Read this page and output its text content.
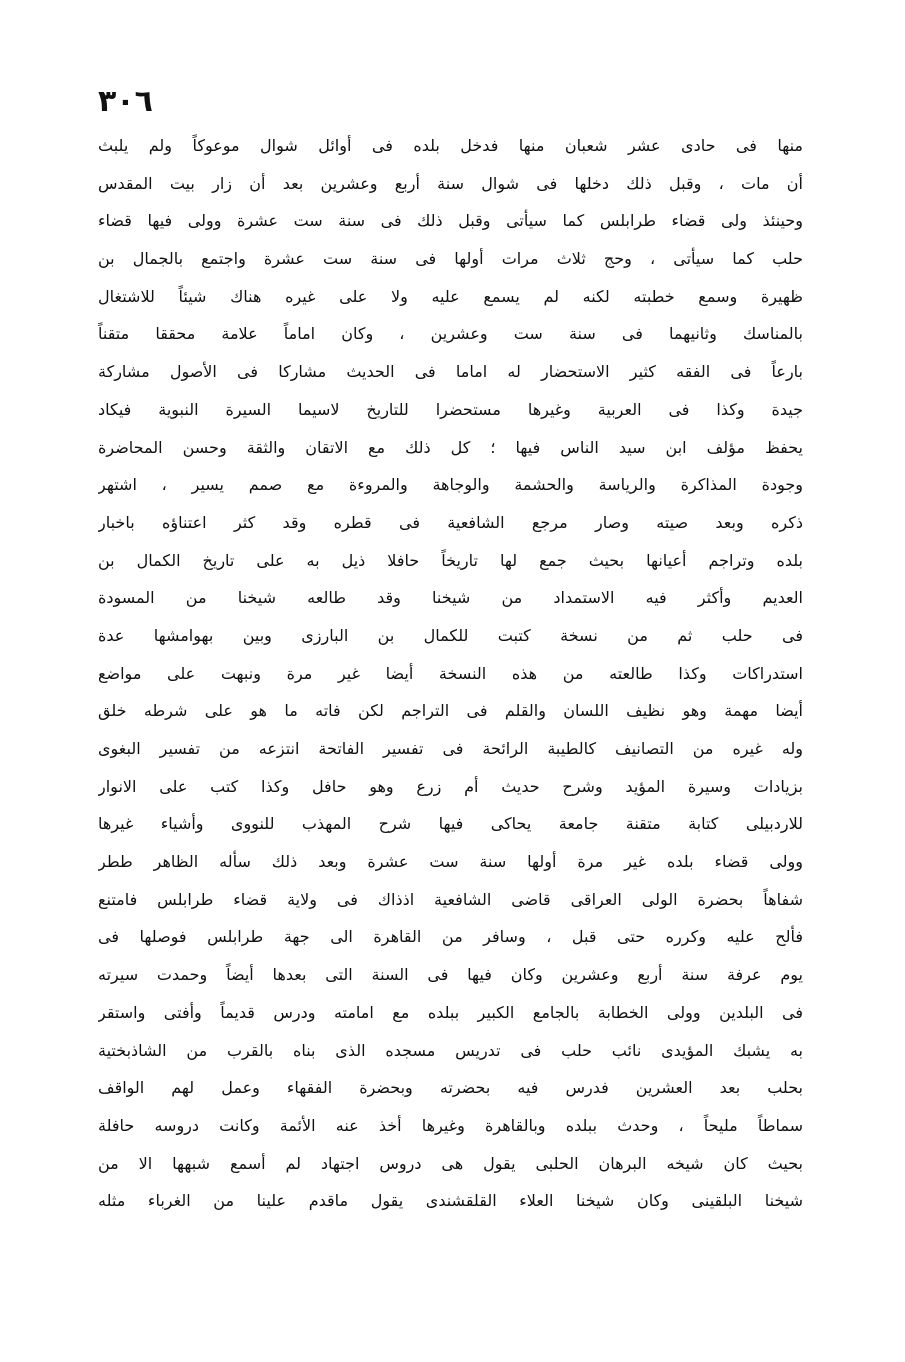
٣٠٦
منها فى حادى عشر شعبان منها فدخل بلده فى أوائل شوال موعوكاً ولم يلبث
أن مات ، وقبل ذلك دخلها فى شوال سنة أربع وعشرين بعد أن زار بيت المقدس
وحينئذ ولى قضاء طرابلس كما سيأتى وقبل ذلك فى سنة ست عشرة وولى فيها قضاء
حلب كما سيأتى ، وحج ثلاث مرات أولها فى سنة ست عشرة واجتمع بالجمال بن
ظهيرة وسمع خطبته لكنه لم يسمع عليه ولا على غيره هناك شيئاً للاشتغال
بالمناسك وثانيهما فى سنة ست وعشرين ، وكان اماماً علامة محققا متقناً
بارعاً فى الفقه كثير الاستحضار له اماما فى الحديث مشاركا فى الأصول مشاركة
جيدة وكذا فى العربية وغيرها مستحضرا للتاريخ لاسيما السيرة النبوية فيكاد
يحفظ مؤلف ابن سيد الناس فيها ؛ كل ذلك مع الاتقان والثقة وحسن المحاضرة
وجودة المذاكرة والرياسة والحشمة والوجاهة والمروءة مع صمم يسير ، اشتهر
ذكره وبعد صيته وصار مرجع الشافعية فى قطره وقد كثر اعتناؤه باخبار
بلده وتراجم أعيانها بحيث جمع لها تاريخاً حافلا ذيل به على تاريخ الكمال بن
العديم وأكثر فيه الاستمداد من شيخنا وقد طالعه شيخنا من المسودة
فى حلب ثم من نسخة كتبت للكمال بن البارزى وبين بهوامشها عدة
استدراكات وكذا طالعته من هذه النسخة أيضا غير مرة ونبهت على مواضع
أيضا مهمة وهو نظيف اللسان والقلم فى التراجم لكن فاته ما هو على شرطه خلق
وله غيره من التصانيف كالطيبة الرائحة فى تفسير الفاتحة انتزعه من تفسير البغوى
بزيادات وسيرة المؤيد وشرح حديث أم زرع وهو حافل وكذا كتب على الانوار
للاردبيلى كتابة متقنة جامعة يحاكى فيها شرح المهذب للنووى وأشياء غيرها
وولى قضاء بلده غير مرة أولها سنة ست عشرة وبعد ذلك سأله الظاهر ططر
شفاهاً بحضرة الولى العراقى قاضى الشافعية اذذاك فى ولاية قضاء طرابلس فامتنع
فألح عليه وكرره حتى قبل ، وسافر من القاهرة الى جهة طرابلس فوصلها فى
يوم عرفة سنة أربع وعشرين وكان فيها فى السنة التى بعدها أيضاً وحمدت سيرته
فى البلدين وولى الخطابة بالجامع الكبير ببلده مع امامته ودرس قديماً وأفتى واستقر
به يشبك المؤيدى نائب حلب فى تدريس مسجده الذى بناه بالقرب من الشاذبختية
بحلب بعد العشرين فدرس فيه بحضرته وبحضرة الفقهاء وعمل لهم الواقف
سماطاً مليحاً ، وحدث ببلده وبالقاهرة وغيرها أخذ عنه الأئمة وكانت دروسه حافلة
بحيث كان شيخه البرهان الحلبى يقول هى دروس اجتهاد لم أسمع شبهها الا من
شيخنا البلقينى وكان شيخنا العلاء القلقشندى يقول ماقدم علينا من الغرباء مثله
